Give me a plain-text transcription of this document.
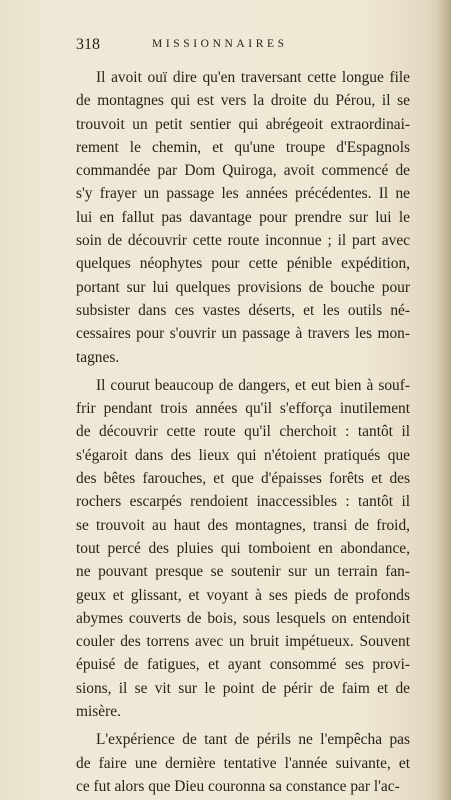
318	MISSIONNAIRES
Il avoit ouï dire qu'en traversant cette longue file
de montagnes qui est vers la droite du Pérou, il se
trouvoit un petit sentier qui abrégeoit extraordinai-
rement le chemin, et qu'une troupe d'Espagnols
commandée par Dom Quiroga, avoit commencé de
s'y frayer un passage les années précédentes. Il ne
lui en fallut pas davantage pour prendre sur lui le
soin de découvrir cette route inconnue ; il part avec
quelques néophytes pour cette pénible expédition,
portant sur lui quelques provisions de bouche pour
subsister dans ces vastes déserts, et les outils né-
cessaires pour s'ouvrir un passage à travers les mon-
tagnes.
Il courut beaucoup de dangers, et eut bien à souf-
frir pendant trois années qu'il s'efforça inutilement
de découvrir cette route qu'il cherchoit : tantôt il
s'égaroit dans des lieux qui n'étoient pratiqués que
des bêtes farouches, et que d'épaisses forêts et des
rochers escarpés rendoient inaccessibles : tantôt il
se trouvoit au haut des montagnes, transi de froid,
tout percé des pluies qui tomboient en abondance,
ne pouvant presque se soutenir sur un terrain fan-
geux et glissant, et voyant à ses pieds de profonds
abymes couverts de bois, sous lesquels on entendoit
couler des torrens avec un bruit impétueux. Souvent
épuisé de fatigues, et ayant consommé ses provi-
sions, il se vit sur le point de périr de faim et de
misère.
L'expérience de tant de périls ne l'empêcha pas
de faire une dernière tentative l'année suivante, et
ce fut alors que Dieu couronna sa constance par l'ac-
